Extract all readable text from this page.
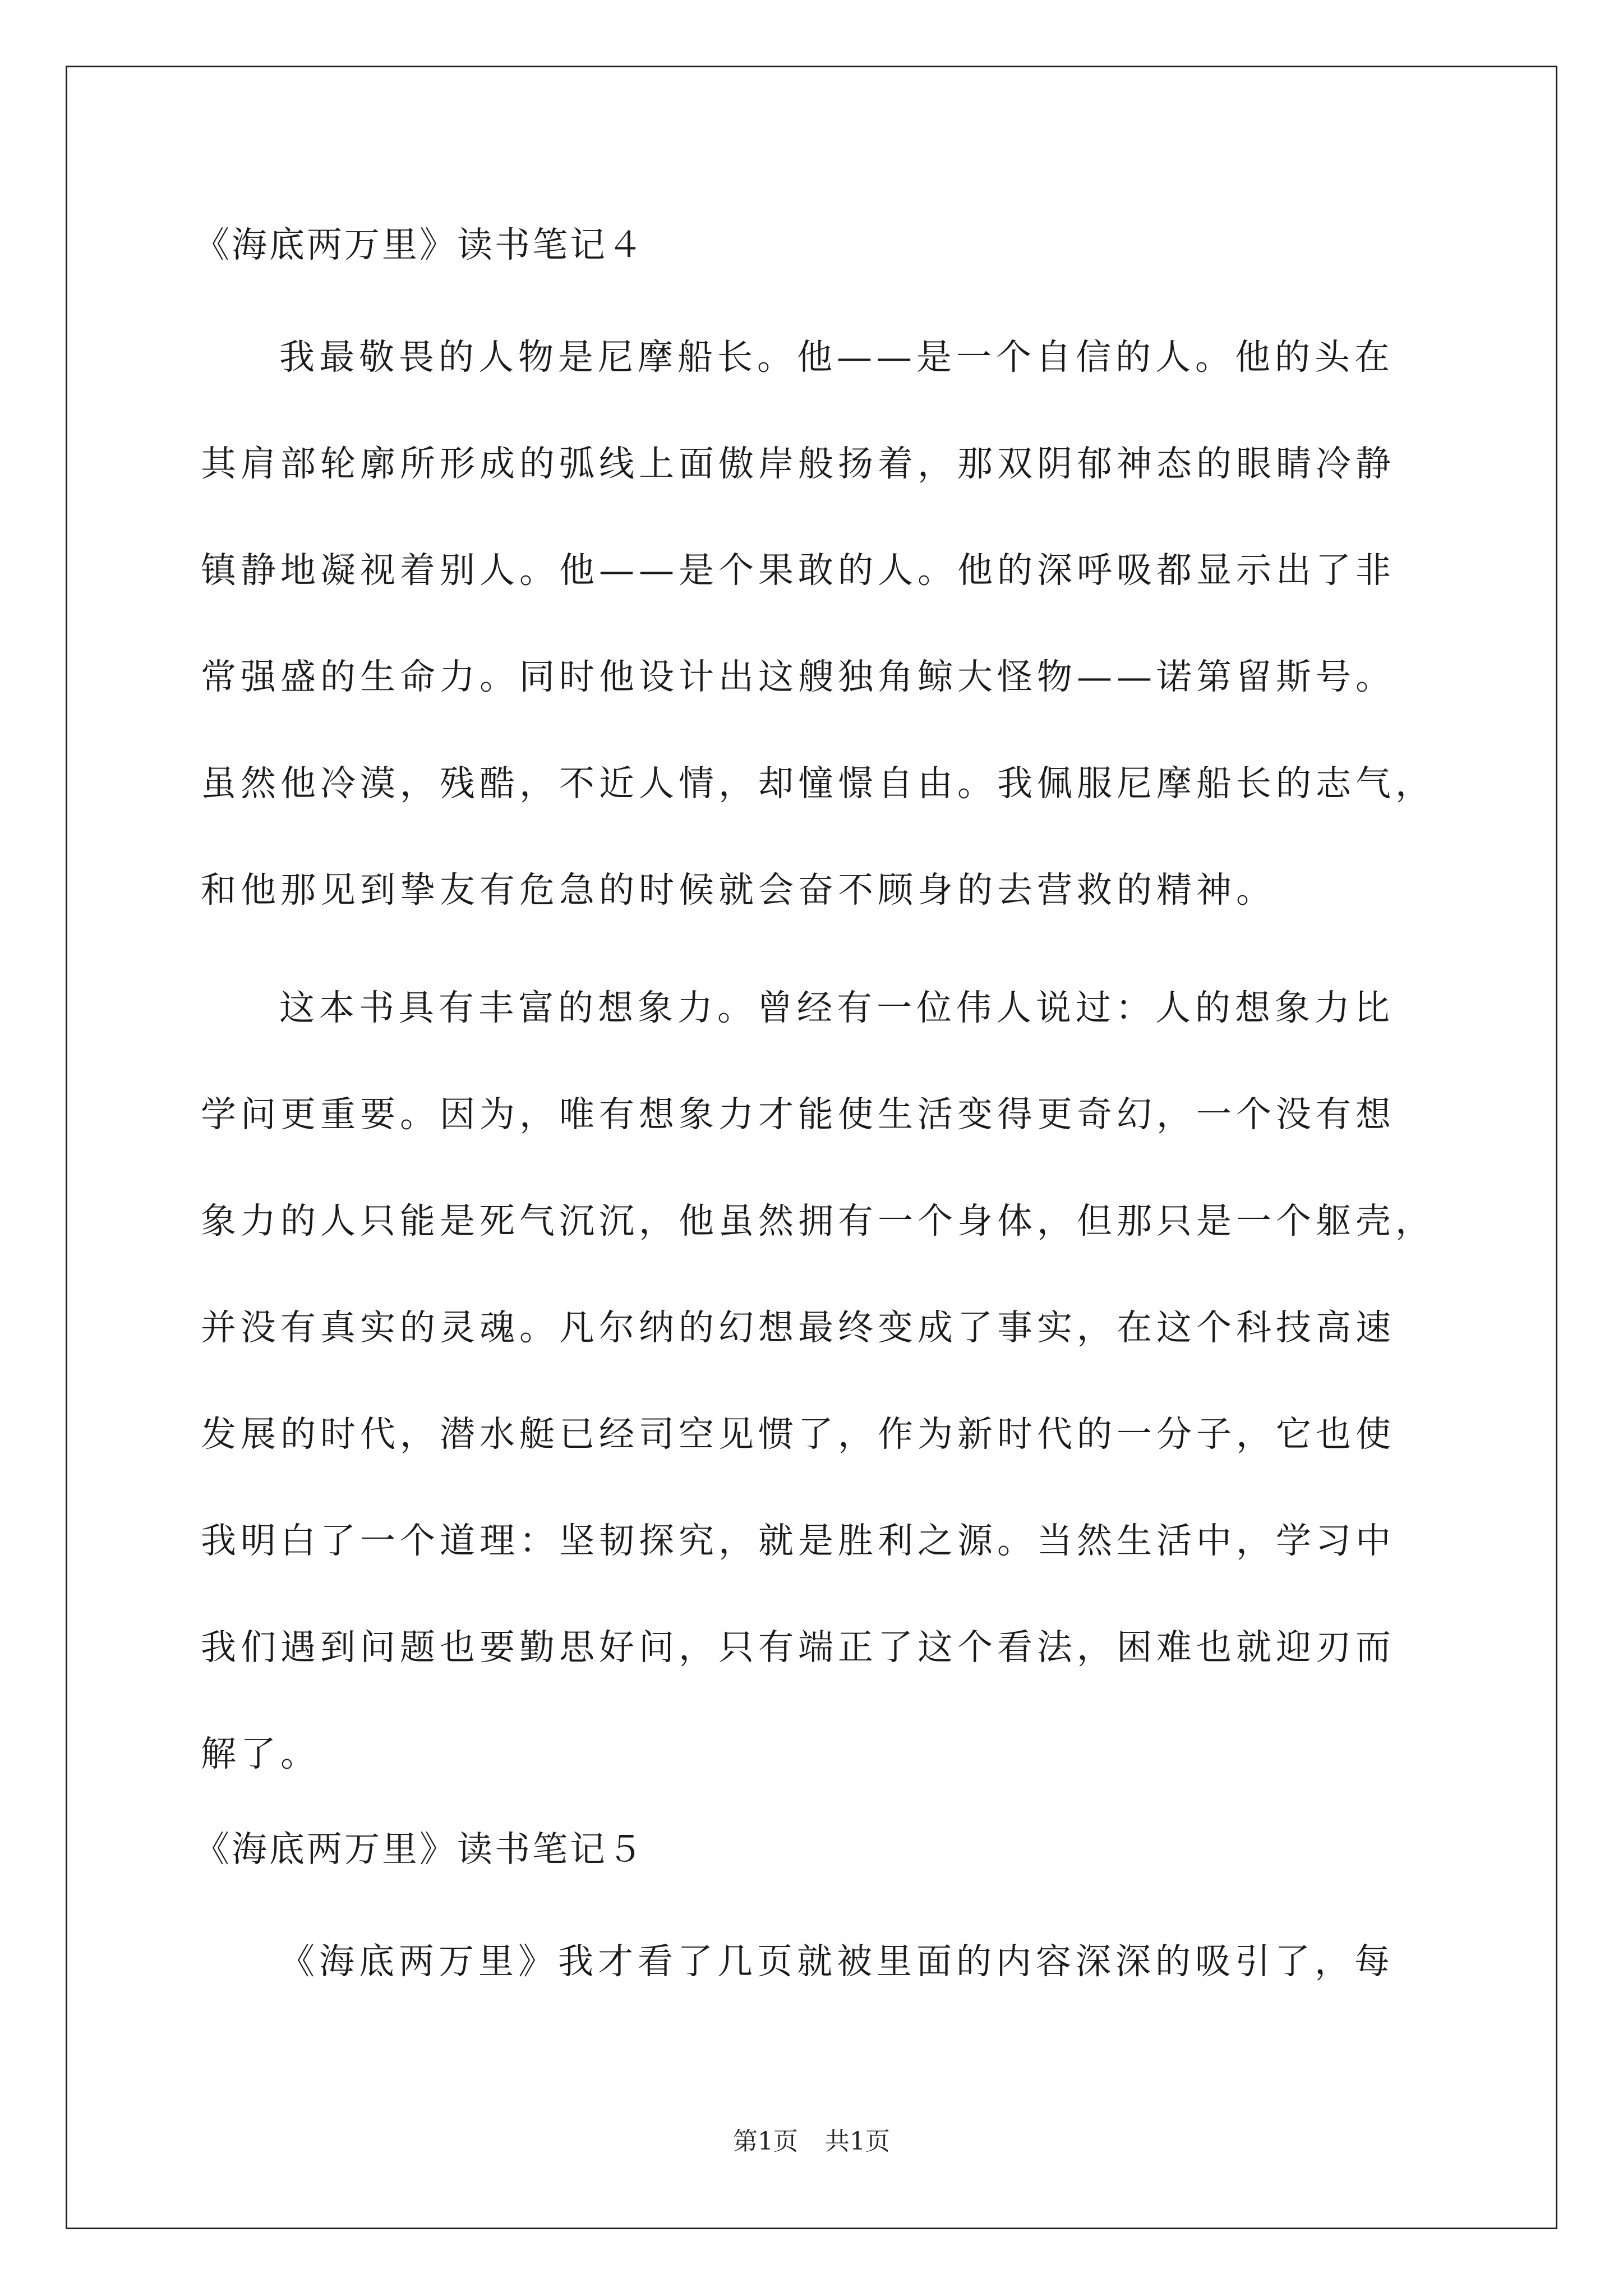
《海底两万里》读书笔记４
我最敬畏的人物是尼摩船长。他——是一个自信的人。他的头在
其肩部轮廓所形成的弧线上面傲岸般扬着，那双阴郁神态的眼睛冷静
镇静地凝视着别人。他——是个果敢的人。他的深呼吸都显示出了非
常强盛的生命力。同时他设计出这艘独角鲸大怪物——诺第留斯号。
虽然他冷漠，残酷，不近人情，却憧憬自由。我佩服尼摩船长的志气，
和他那见到挚友有危急的时候就会奋不顾身的去营救的精神。
这本书具有丰富的想象力。曾经有一位伟人说过：人的想象力比
学问更重要。因为，唯有想象力才能使生活变得更奇幻，一个没有想
象力的人只能是死气沉沉，他虽然拥有一个身体，但那只是一个躯壳，
并没有真实的灵魂。凡尔纳的幻想最终变成了事实，在这个科技高速
发展的时代，潜水艇已经司空见惯了，作为新时代的一分子，它也使
我明白了一个道理：坚韧探究，就是胜利之源。当然生活中，学习中
我们遇到问题也要勤思好问，只有端正了这个看法，困难也就迎刃而
解了。
《海底两万里》读书笔记５
《海底两万里》我才看了几页就被里面的内容深深的吸引了，每
第1页 共1页
